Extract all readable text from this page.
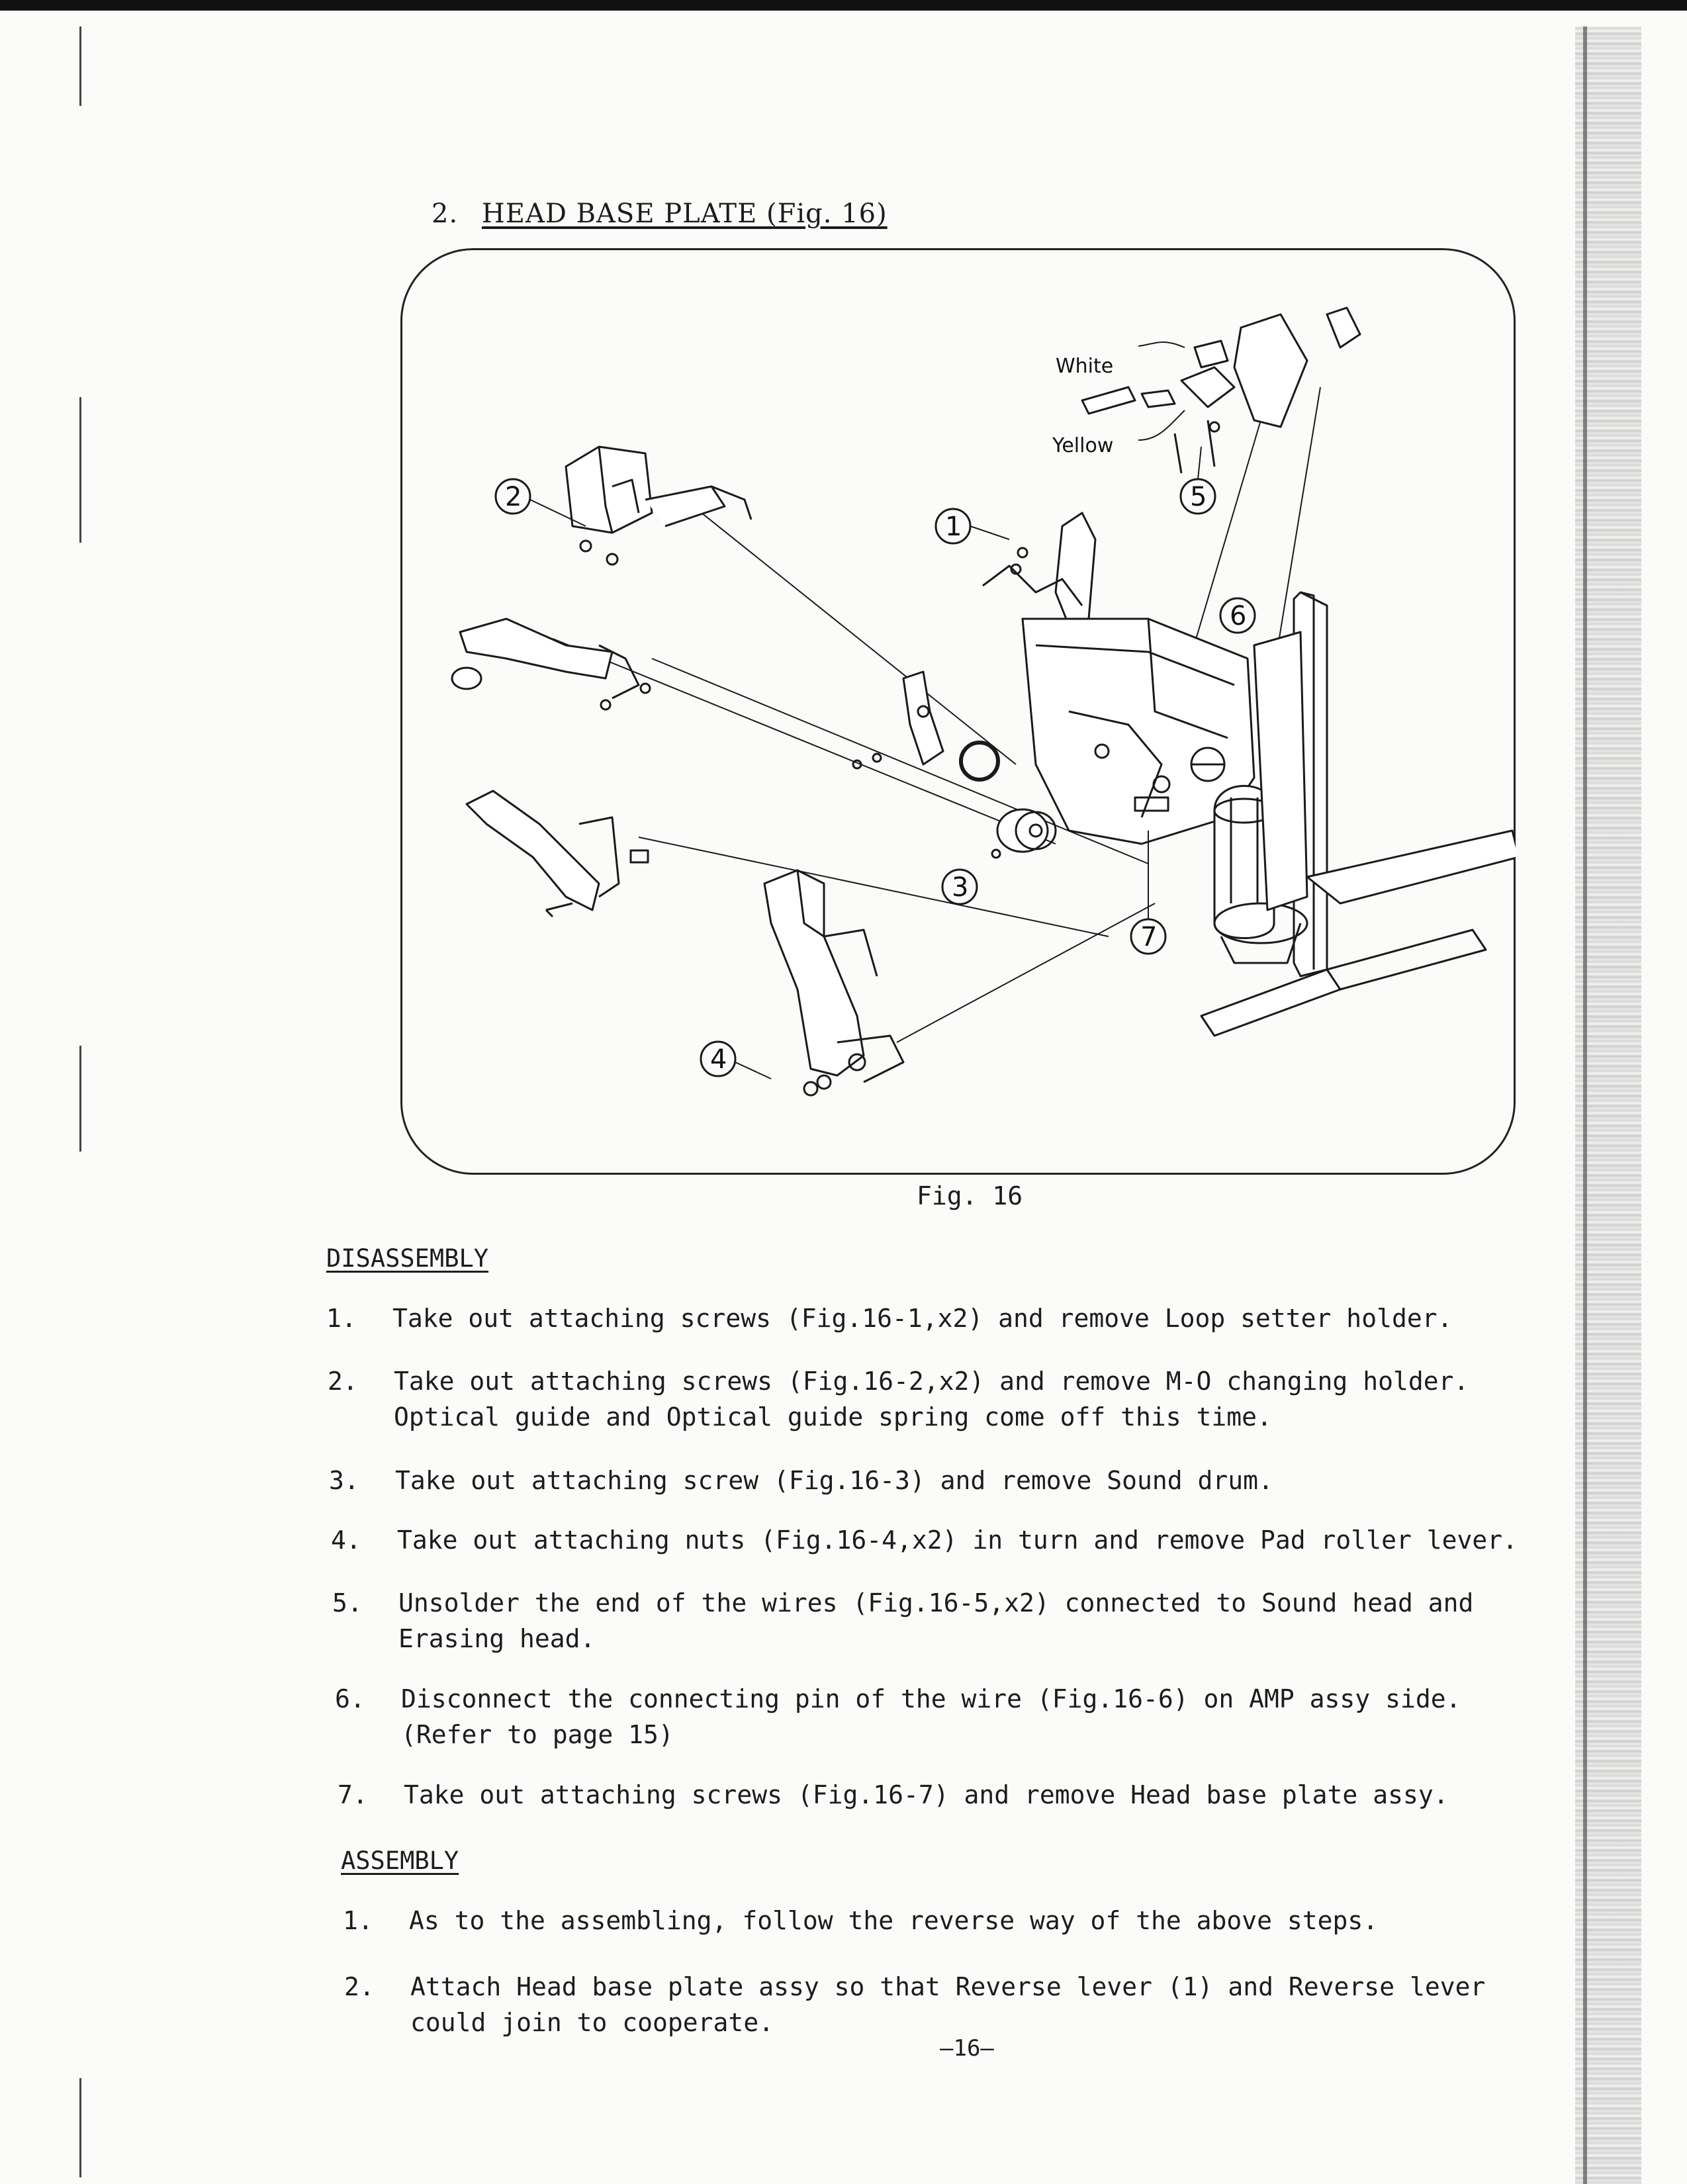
2. HEAD BASE PLATE (Fig. 16)
White
Yellow
2
1
3
4
5
6
7
Fig. 16
DISASSEMBLY

1.

Take out attaching screws (Fig.16-1,x2) and remove Loop setter holder.

2.

Take out attaching screws (Fig.16-2,x2) and remove M-O changing holder.

Optical guide and Optical guide spring come off this time.

3.

Take out attaching screw (Fig.16-3) and remove Sound drum.

4.

Take out attaching nuts (Fig.16-4,x2) in turn and remove Pad roller lever.

5.

Unsolder the end of the wires (Fig.16-5,x2) connected to Sound head and

Erasing head.

6.

Disconnect the connecting pin of the wire (Fig.16-6) on AMP assy side.

(Refer to page 15)

7.

Take out attaching screws (Fig.16-7) and remove Head base plate assy.

ASSEMBLY

1.

As to the assembling, follow the reverse way of the above steps.

2.

Attach Head base plate assy so that Reverse lever (1) and Reverse lever

could join to cooperate.

—16—
